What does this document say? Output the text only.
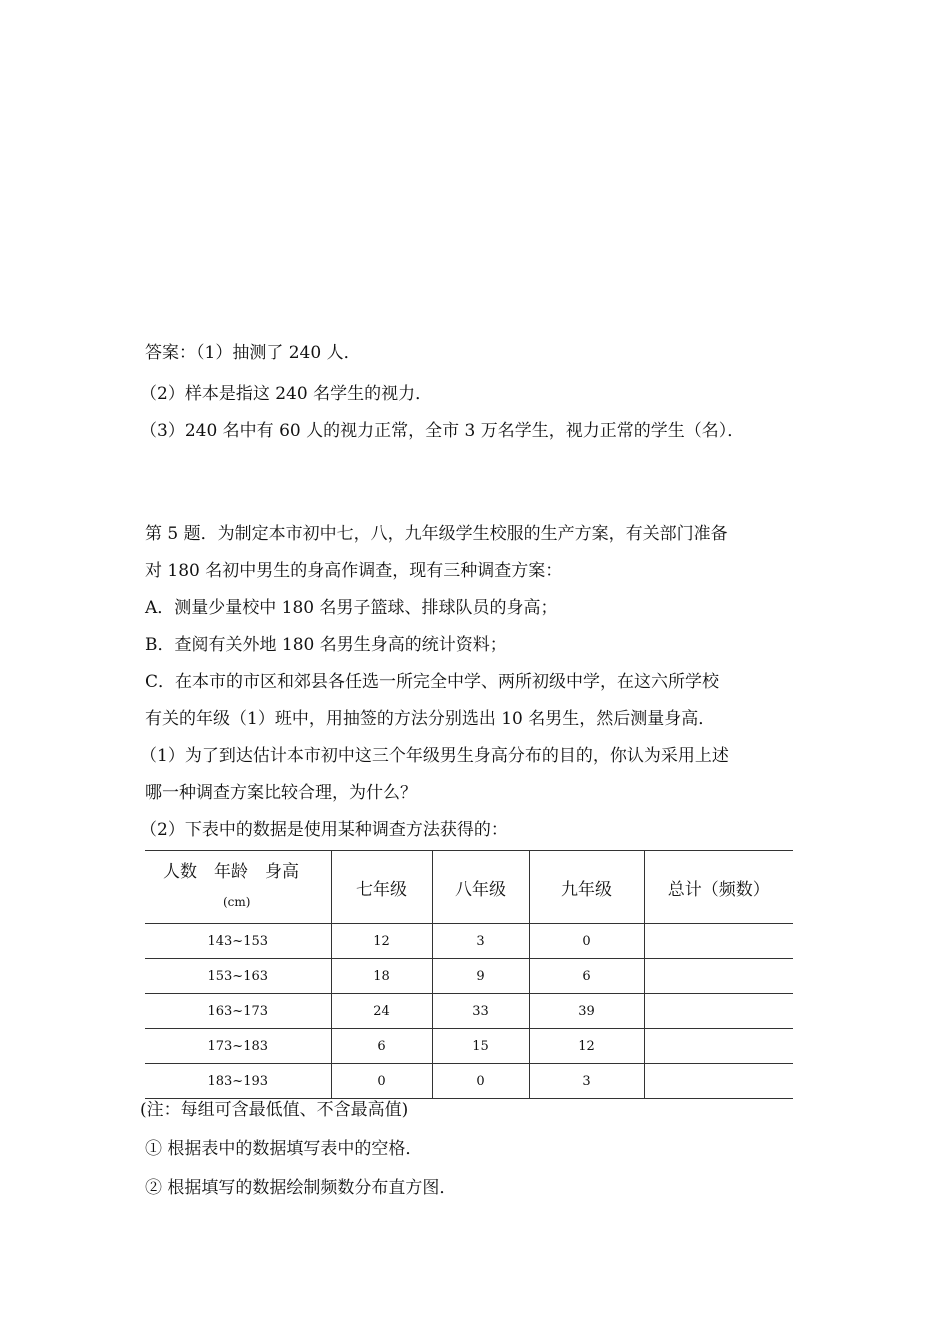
答案：（1）抽测了 240 人．
（2）样本是指这 240 名学生的视力．
（3）240 名中有 60 人的视力正常，全市 3 万名学生，视力正常的学生（名）．
第 5 题．为制定本市初中七，八，九年级学生校服的生产方案，有关部门准备
对 180 名初中男生的身高作调查，现有三种调查方案：
A．测量少量校中 180 名男子篮球、排球队员的身高；
B．查阅有关外地 180 名男生身高的统计资料；
C．在本市的市区和郊县各任选一所完全中学、两所初级中学，在这六所学校
有关的年级（1）班中，用抽签的方法分别选出 10 名男生，然后测量身高．
（1）为了到达估计本市初中这三个年级男生身高分布的目的，你认为采用上述
哪一种调查方案比较合理，为什么？
（2）下表中的数据是使用某种调查方法获得的：
人数　年龄　身高
(cm)	七年级	八年级	九年级	总计（频数）
143~153	12	3	0	
153~163	18	9	6	
163~173	24	33	39	
173~183	6	15	12	
183~193	0	0	3	
(注：每组可含最低值、不含最高值)
① 根据表中的数据填写表中的空格．
② 根据填写的数据绘制频数分布直方图．
